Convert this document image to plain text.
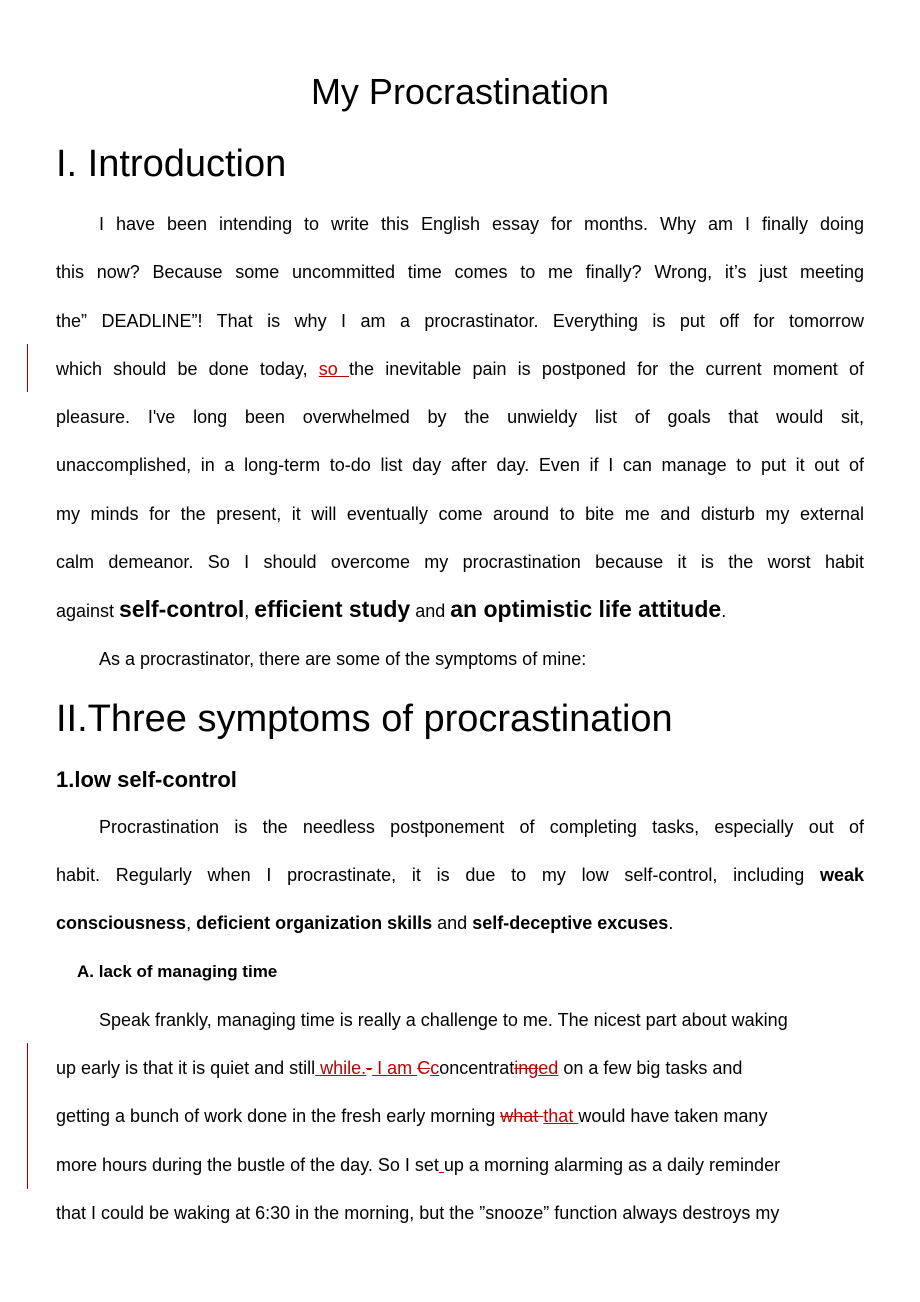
My Procrastination
I. Introduction
I have been intending to write this English essay for months. Why am I finally doing
this now? Because some uncommitted time comes to me finally? Wrong, it’s just meeting
the” DEADLINE”! That is why I am a procrastinator. Everything is put off for tomorrow
which should be done today, so the inevitable pain is postponed for the current moment of
pleasure. I've long been overwhelmed by the unwieldy list of goals that would sit,
unaccomplished, in a long-term to-do list day after day. Even if I can manage to put it out of
my minds for the present, it will eventually come around to bite me and disturb my external
calm demeanor. So I should overcome my procrastination because it is the worst habit
against self-control, efficient study and an optimistic life attitude.
As a procrastinator, there are some of the symptoms of mine:
II.Three symptoms of procrastination
1.low self-control
Procrastination is the needless postponement of completing tasks, especially out of
habit. Regularly when I procrastinate, it is due to my low self-control, including weak
consciousness, deficient organization skills and self-deceptive excuses.
A. lack of managing time
Speak frankly, managing time is really a challenge to me. The nicest part about waking
up early is that it is quiet and still while.- I am Cconcentratinged on a few big tasks and
getting a bunch of work done in the fresh early morning what that would have taken many
more hours during the bustle of the day. So I set up a morning alarming as a daily reminder
that I could be waking at 6:30 in the morning, but the ”snooze” function always destroys my
